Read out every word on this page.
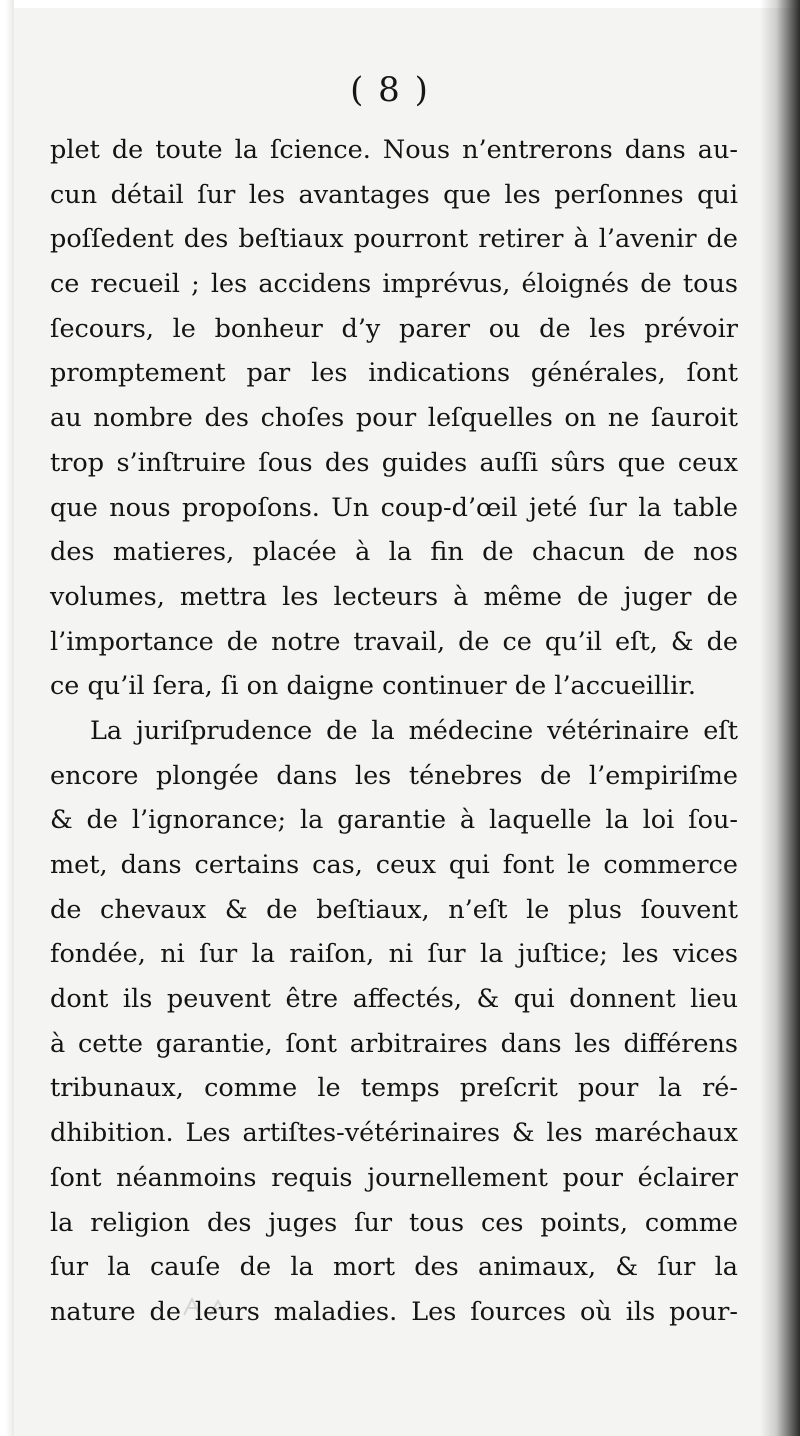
( 8 )
plet de toute la ſcience. Nous n’entrerons dans au-
cun détail ſur les avantages que les perſonnes qui
poſſedent des beſtiaux pourront retirer à l’avenir de
ce recueil ; les accidens imprévus, éloignés de tous
ſecours, le bonheur d’y parer ou de les prévoir
promptement par les indications générales, ſont
au nombre des choſes pour leſquelles on ne ſauroit
trop s’inſtruire ſous des guides auſſi sûrs que ceux
que nous propoſons. Un coup-d’œil jeté ſur la table
des matieres, placée à la fin de chacun de nos
volumes, mettra les lecteurs à même de juger de
l’importance de notre travail, de ce qu’il eſt, & de
ce qu’il ſera, ſi on daigne continuer de l’accueillir.
La juriſprudence de la médecine vétérinaire eſt
encore plongée dans les ténebres de l’empiriſme
& de l’ignorance; la garantie à laquelle la loi ſou-
met, dans certains cas, ceux qui font le commerce
de chevaux & de beſtiaux, n’eſt le plus ſouvent
fondée, ni ſur la raiſon, ni ſur la juſtice; les vices
dont ils peuvent être affectés, & qui donnent lieu
à cette garantie, ſont arbitraires dans les différens
tribunaux, comme le temps preſcrit pour la ré-
dhibition. Les artiſtes-vétérinaires & les maréchaux
ſont néanmoins requis journellement pour éclairer
la religion des juges ſur tous ces points, comme
ſur la cauſe de la mort des animaux, & ſur la
nature de leurs maladies. Les ſources où ils pour-
